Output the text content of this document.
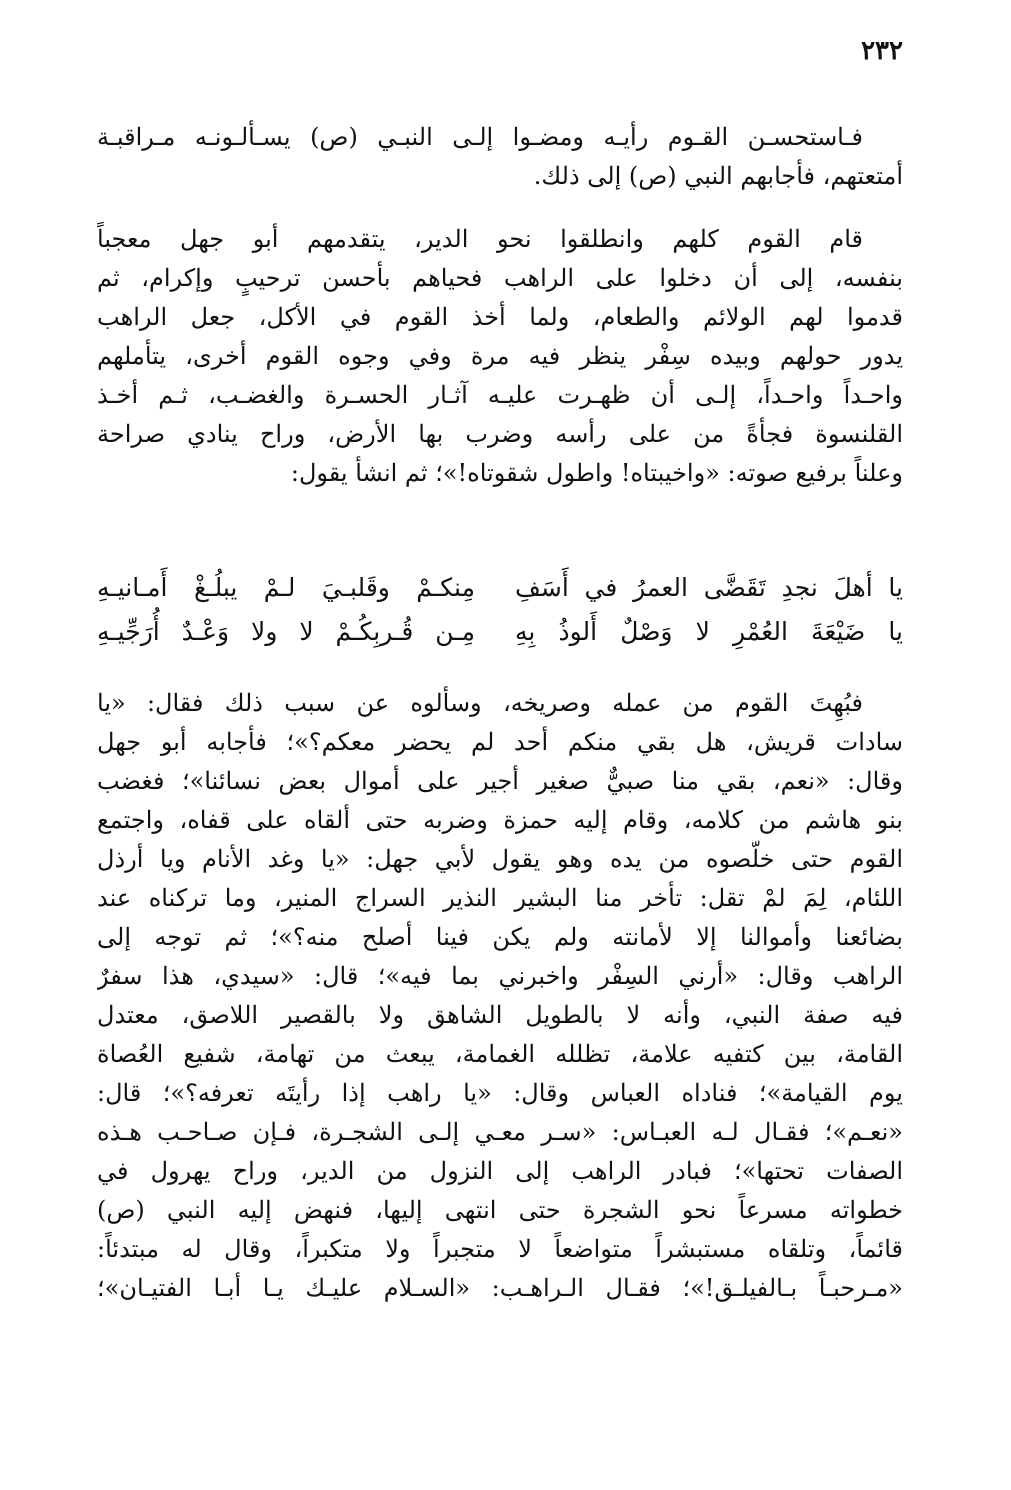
٢٣٢
فـاستحسـن القـوم رأيـه ومضـوا إلـى النبـي (ص) يسـألـونـه مـراقبـة
أمتعتهم، فأجابهم النبي (ص) إلى ذلك.
قام القوم كلهم وانطلقوا نحو الدير، يتقدمهم أبو جهل معجباً
بنفسه، إلى أن دخلوا على الراهب فحياهم بأحسن ترحيبٍ وإكرام، ثم
قدموا لهم الولائم والطعام، ولما أخذ القوم في الأكل، جعل الراهب
يدور حولهم وبيده سِفْر ينظر فيه مرة وفي وجوه القوم أخرى، يتأملهم
واحـداً واحـداً، إلـى أن ظهـرت عليـه آثـار الحسـرة والغضـب، ثـم أخـذ
القلنسوة فجأةً من على رأسه وضرب بها الأرض، وراح ينادي صراحة
وعلناً برفيع صوته: «واخيبتاه! واطول شقوتاه!»؛ ثم انشأ يقول:
يا أهلَ نجدِ تَقَضَّى العمرُ في أَسَفِ
مِنكـمْ وقَلبـيَ لـمْ يبلُـغْ أَمـانيـهِ
يا ضَيْعَةَ العُمْرِ لا وَصْلٌ أَلوذُ بِهِ
مِـن قُـربِكُـمْ لا ولا وَعْـدٌ أُرَجِّيـهِ
فبُهِتَ القوم من عمله وصريخه، وسألوه عن سبب ذلك فقال: «يا
سادات قريش، هل بقي منكم أحد لم يحضر معكم؟»؛ فأجابه أبو جهل
وقال: «نعم، بقي منا صبيٌّ صغير أجير على أموال بعض نسائنا»؛ فغضب
بنو هاشم من كلامه، وقام إليه حمزة وضربه حتى ألقاه على قفاه، واجتمع
القوم حتى خلَّصوه من يده وهو يقول لأبي جهل: «يا وغد الأنام ويا أرذل
اللئام، لِمَ لمْ تقل: تأخر منا البشير النذير السراج المنير، وما تركناه عند
بضائعنا وأموالنا إلا لأمانته ولم يكن فينا أصلح منه؟»؛ ثم توجه إلى
الراهب وقال: «أرني السِفْر واخبرني بما فيه»؛ قال: «سيدي، هذا سفرٌ
فيه صفة النبي، وأنه لا بالطويل الشاهق ولا بالقصير اللاصق، معتدل
القامة، بين كتفيه علامة، تظلله الغمامة، يبعث من تهامة، شفيع العُصاة
يوم القيامة»؛ فناداه العباس وقال: «يا راهب إذا رأيتَه تعرفه؟»؛ قال:
«نعـم»؛ فقـال لـه العبـاس: «سـر معـي إلـى الشجـرة، فـإن صـاحـب هـذه
الصفات تحتها»؛ فبادر الراهب إلى النزول من الدير، وراح يهرول في
خطواته مسرعاً نحو الشجرة حتى انتهى إليها، فنهض إليه النبي (ص)
قائماً، وتلقاه مستبشراً متواضعاً لا متجبراً ولا متكبراً، وقال له مبتدئاً:
«مـرحبـاً بـالفيلـق!»؛ فقـال الـراهـب: «السـلام عليـك يـا أبـا الفتيـان»؛
